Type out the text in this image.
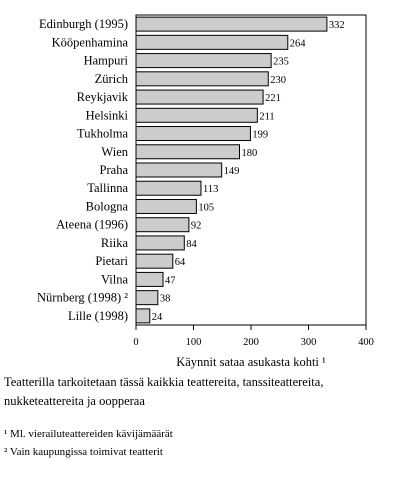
Edinburgh (1995)	332
Kööpenhamina	264
Hampuri	235
Zürich	230
Reykjavik	221
Helsinki	211
Tukholma	199
Wien	180
Praha	149
Tallinna	113
Bologna	105
Ateena (1996)	92
Riika	84
Pietari	64
Vilna	47
Nürnberg (1998) ²	38
Lille (1998) 24
0	100	200	300	400
Käynnit sataa asukasta kohti ¹
Teatterilla tarkoitetaan tässä kaikkia teattereita, tanssiteattereita,
nukketeattereita ja oopperaa
¹ Ml. vierailuteattereiden kävijämäärät
² Vain kaupungissa toimivat teatterit
